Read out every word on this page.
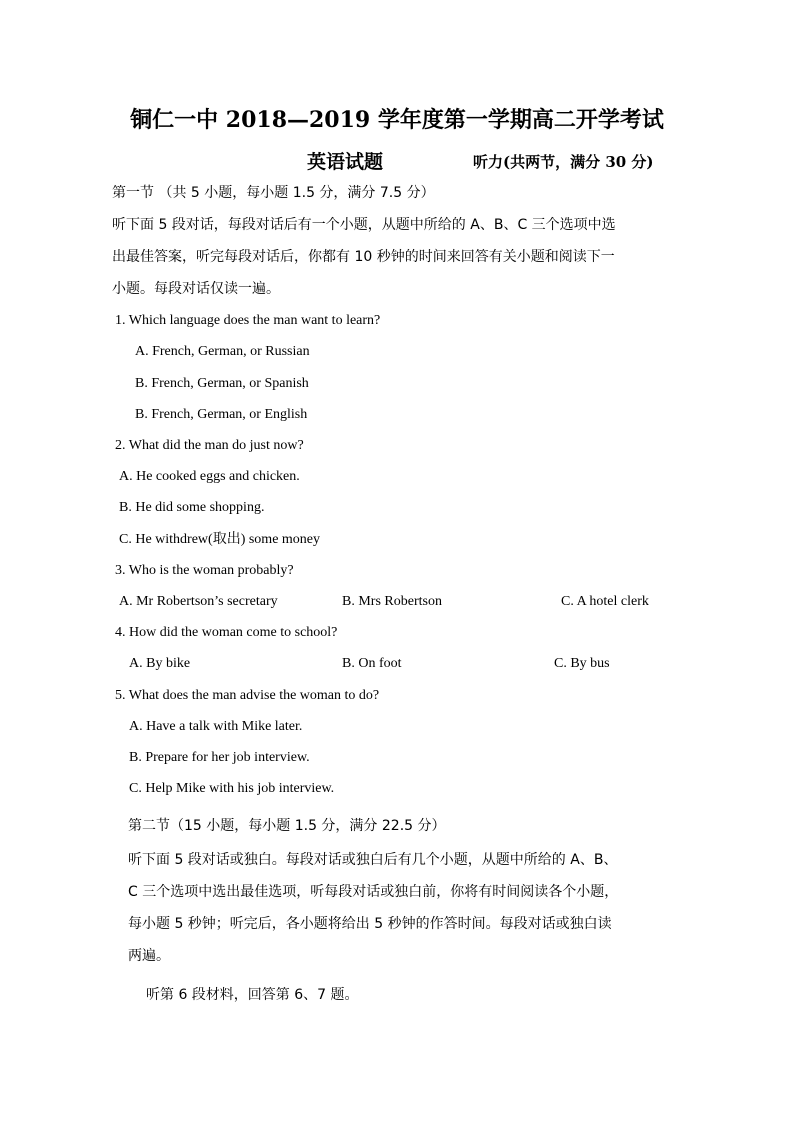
铜仁一中 2018—2019 学年度第一学期高二开学考试
英语试题	听力(共两节，满分 30 分)
第一节 （共 5 小题，每小题 1.5 分，满分 7.5 分）
听下面 5 段对话，每段对话后有一个小题，从题中所给的 A、B、C 三个选项中选
出最佳答案，听完每段对话后，你都有 10 秒钟的时间来回答有关小题和阅读下一
小题。每段对话仅读一遍。
1. Which language does the man want to learn?
A. French, German, or Russian
B. French, German, or Spanish
B. French, German, or English
2. What did the man do just now?
A. He cooked eggs and chicken.
B. He did some shopping.
C. He withdrew(取出) some money
3. Who is the woman probably?
A. Mr Robertson’s secretary	B. Mrs Robertson	C. A hotel clerk
4. How did the woman come to school?
A. By bike	B. On foot	C. By bus
5. What does the man advise the woman to do?
A. Have a talk with Mike later.
B. Prepare for her job interview.
C. Help Mike with his job interview.
第二节（15 小题，每小题 1.5 分，满分 22.5 分）
听下面 5 段对话或独白。每段对话或独白后有几个小题，从题中所给的 A、B、
C 三个选项中选出最佳选项，听每段对话或独白前，你将有时间阅读各个小题，
每小题 5 秒钟；听完后，各小题将给出 5 秒钟的作答时间。每段对话或独白读
两遍。
听第 6 段材料，回答第 6、7 题。
